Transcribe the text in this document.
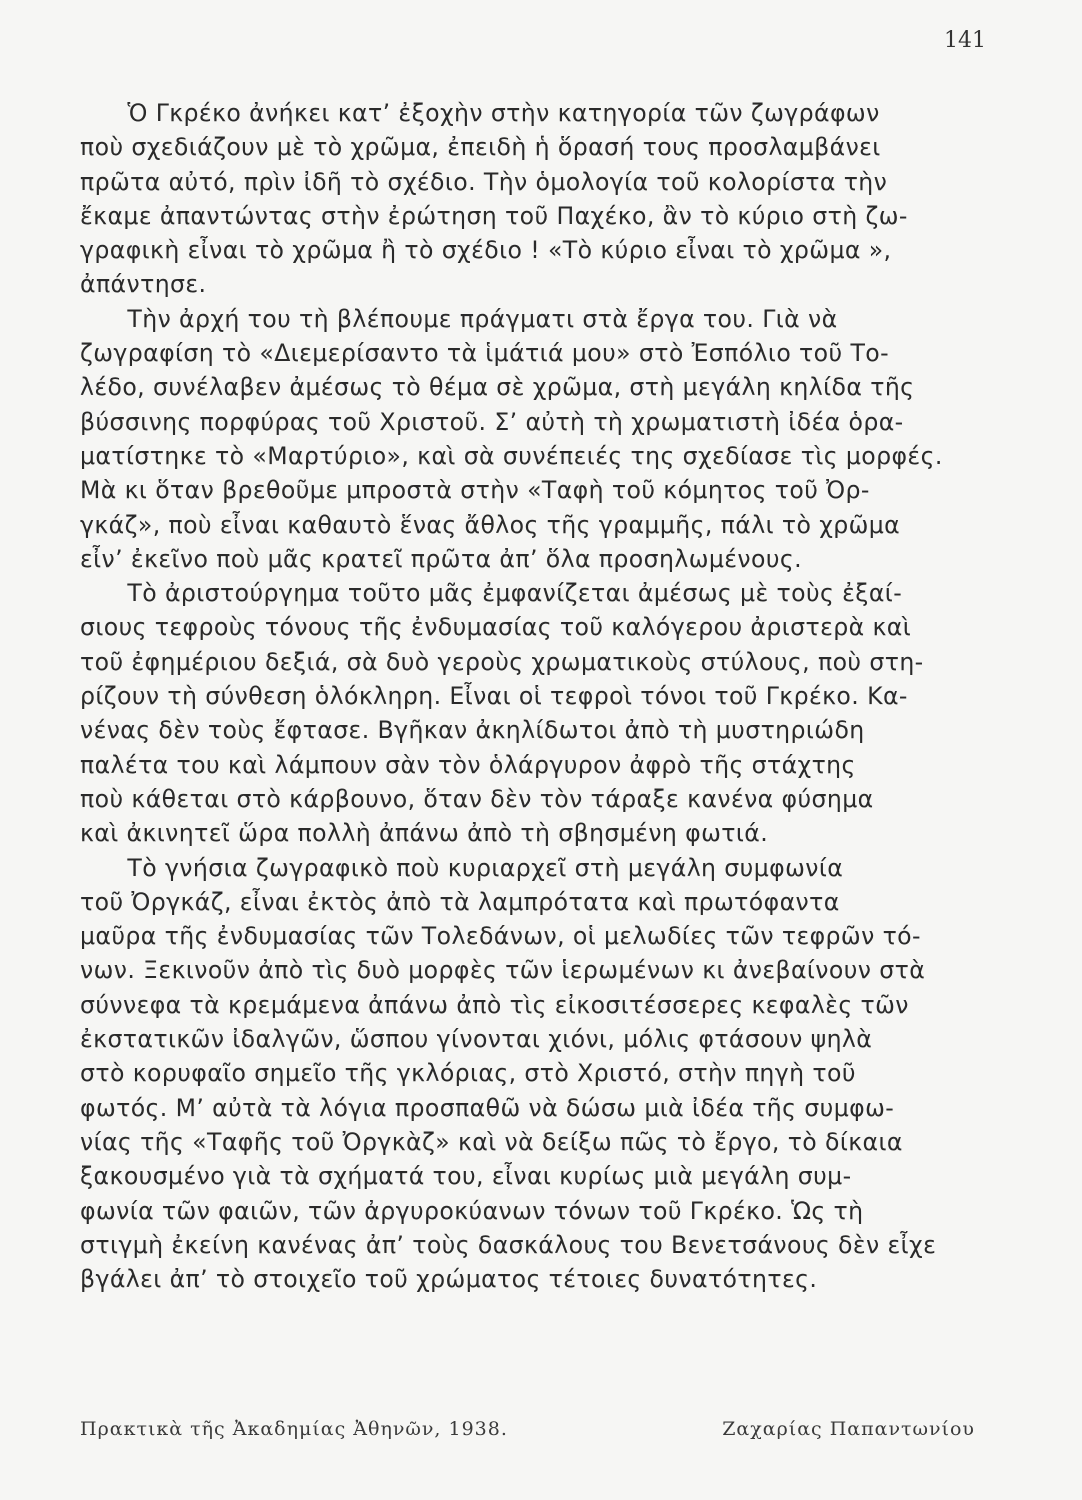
141
Ὁ Γκρέκο ἀνήκει κατ’ ἐξοχὴν στὴν κατηγορία τῶν ζωγράφων
ποὺ σχεδιάζουν μὲ τὸ χρῶμα, ἐπειδὴ ἡ ὅρασή τους προσλαμβάνει
πρῶτα αὐτό, πρὶν ἰδῆ τὸ σχέδιο. Τὴν ὁμολογία τοῦ κολορίστα τὴν
ἔκαμε ἀπαντώντας στὴν ἐρώτηση τοῦ Παχέκο, ἂν τὸ κύριο στὴ ζω-
γραφικὴ εἶναι τὸ χρῶμα ἢ τὸ σχέδιο ! «Τὸ κύριο εἶναι τὸ χρῶμα »,
ἀπάντησε.
Τὴν ἀρχή του τὴ βλέπουμε πράγματι στὰ ἔργα του. Γιὰ νὰ
ζωγραφίση τὸ «Διεμερίσαντο τὰ ἱμάτιά μου» στὸ Ἐσπόλιο τοῦ Το-
λέδο, συνέλαβεν ἀμέσως τὸ θέμα σὲ χρῶμα, στὴ μεγάλη κηλίδα τῆς
βύσσινης πορφύρας τοῦ Χριστοῦ. Σ’ αὐτὴ τὴ χρωματιστὴ ἰδέα ὁρα-
ματίστηκε τὸ «Μαρτύριο», καὶ σὰ συνέπειές της σχεδίασε τὶς μορφές.
Μὰ κι ὅταν βρεθοῦμε μπροστὰ στὴν «Ταφὴ τοῦ κόμητος τοῦ Ὀρ-
γκάζ», ποὺ εἶναι καθαυτὸ ἕνας ἄθλος τῆς γραμμῆς, πάλι τὸ χρῶμα
εἶν’ ἐκεῖνο ποὺ μᾶς κρατεῖ πρῶτα ἀπ’ ὅλα προσηλωμένους.
Τὸ ἀριστούργημα τοῦτο μᾶς ἐμφανίζεται ἀμέσως μὲ τοὺς ἐξαί-
σιους τεφροὺς τόνους τῆς ἐνδυμασίας τοῦ καλόγερου ἀριστερὰ καὶ
τοῦ ἐφημέριου δεξιά, σὰ δυὸ γεροὺς χρωματικοὺς στύλους, ποὺ στη-
ρίζουν τὴ σύνθεση ὁλόκληρη. Εἶναι οἱ τεφροὶ τόνοι τοῦ Γκρέκο. Κα-
νένας δὲν τοὺς ἔφτασε. Βγῆκαν ἀκηλίδωτοι ἀπὸ τὴ μυστηριώδη
παλέτα του καὶ λάμπουν σὰν τὸν ὁλάργυρον ἀφρὸ τῆς στάχτης
ποὺ κάθεται στὸ κάρβουνο, ὅταν δὲν τὸν τάραξε κανένα φύσημα
καὶ ἀκινητεῖ ὥρα πολλὴ ἀπάνω ἀπὸ τὴ σβησμένη φωτιά.
Τὸ γνήσια ζωγραφικὸ ποὺ κυριαρχεῖ στὴ μεγάλη συμφωνία
τοῦ Ὀργκάζ, εἶναι ἐκτὸς ἀπὸ τὰ λαμπρότατα καὶ πρωτόφαντα
μαῦρα τῆς ἐνδυμασίας τῶν Τολεδάνων, οἱ μελωδίες τῶν τεφρῶν τό-
νων. Ξεκινοῦν ἀπὸ τὶς δυὸ μορφὲς τῶν ἱερωμένων κι ἀνεβαίνουν στὰ
σύννεφα τὰ κρεμάμενα ἀπάνω ἀπὸ τὶς εἰκοσιτέσσερες κεφαλὲς τῶν
ἐκστατικῶν ἰδαλγῶν, ὥσπου γίνονται χιόνι, μόλις φτάσουν ψηλὰ
στὸ κορυφαῖο σημεῖο τῆς γκλόριας, στὸ Χριστό, στὴν πηγὴ τοῦ
φωτός. Μ’ αὐτὰ τὰ λόγια προσπαθῶ νὰ δώσω μιὰ ἰδέα τῆς συμφω-
νίας τῆς «Ταφῆς τοῦ Ὀργκὰζ» καὶ νὰ δείξω πῶς τὸ ἔργο, τὸ δίκαια
ξακουσμένο γιὰ τὰ σχήματά του, εἶναι κυρίως μιὰ μεγάλη συμ-
φωνία τῶν φαιῶν, τῶν ἀργυροκύανων τόνων τοῦ Γκρέκο. Ὡς τὴ
στιγμὴ ἐκείνη κανένας ἀπ’ τοὺς δασκάλους του Βενετσάνους δὲν εἶχε
βγάλει ἀπ’ τὸ στοιχεῖο τοῦ χρώματος τέτοιες δυνατότητες.
Πρακτικὰ τῆς Ἀκαδημίας Ἀθηνῶν, 1938.	Ζαχαρίας Παπαντωνίου
